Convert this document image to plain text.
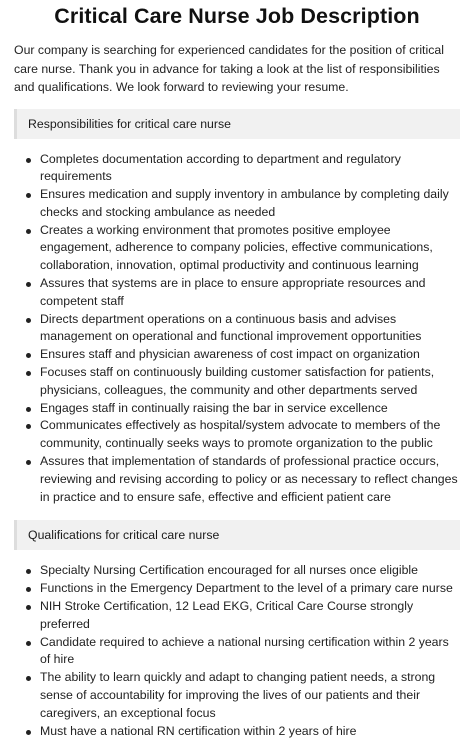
Critical Care Nurse Job Description

Our company is searching for experienced candidates for the position of critical care nurse. Thank you in advance for taking a look at the list of responsibilities and qualifications. We look forward to reviewing your resume.

Responsibilities for critical care nurse
Completes documentation according to department and regulatory requirements
Ensures medication and supply inventory in ambulance by completing daily checks and stocking ambulance as needed
Creates a working environment that promotes positive employee engagement, adherence to company policies, effective communications, collaboration, innovation, optimal productivity and continuous learning
Assures that systems are in place to ensure appropriate resources and competent staff
Directs department operations on a continuous basis and advises management on operational and functional improvement opportunities
Ensures staff and physician awareness of cost impact on organization
Focuses staff on continuously building customer satisfaction for patients, physicians, colleagues, the community and other departments served
Engages staff in continually raising the bar in service excellence
Communicates effectively as hospital/system advocate to members of the community, continually seeks ways to promote organization to the public
Assures that implementation of standards of professional practice occurs, reviewing and revising according to policy or as necessary to reflect changes in practice and to ensure safe, effective and efficient patient care
Qualifications for critical care nurse
Specialty Nursing Certification encouraged for all nurses once eligible
Functions in the Emergency Department to the level of a primary care nurse
NIH Stroke Certification, 12 Lead EKG, Critical Care Course strongly preferred
Candidate required to achieve a national nursing certification within 2 years of hire
The ability to learn quickly and adapt to changing patient needs, a strong sense of accountability for improving the lives of our patients and their caregivers, an exceptional focus
Must have a national RN certification within 2 years of hire
